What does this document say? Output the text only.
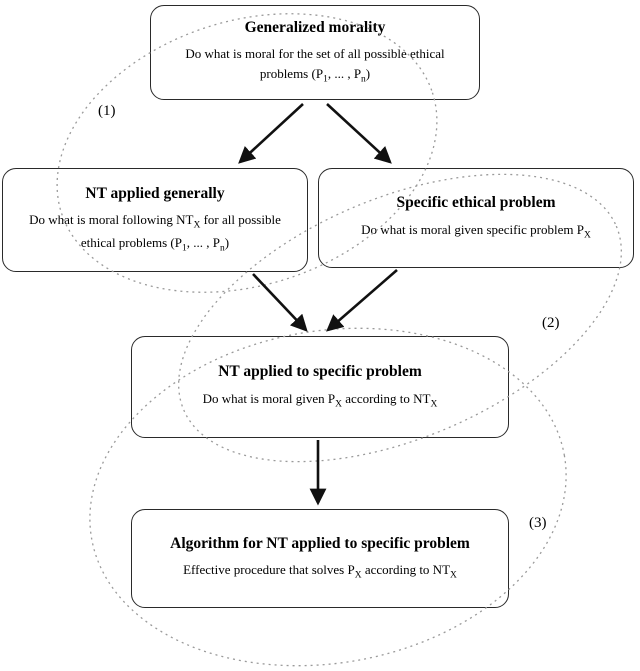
Generalized morality

Do what is moral for the set of all possible ethical problems ($P_1$, ... , $P_n$)

NT applied generally

Do what is moral following $NT_X$ for all possible ethical problems ($P_1$, ... , $P_n$)

Specific ethical problem

Do what is moral given specific problem $P_X$

NT applied to specific problem

Do what is moral given $P_X$ according to $NT_X$

Algorithm for NT applied to specific problem

Effective procedure that solves $P_X$ according to $NT_X$

(1)
(2)
(3)
